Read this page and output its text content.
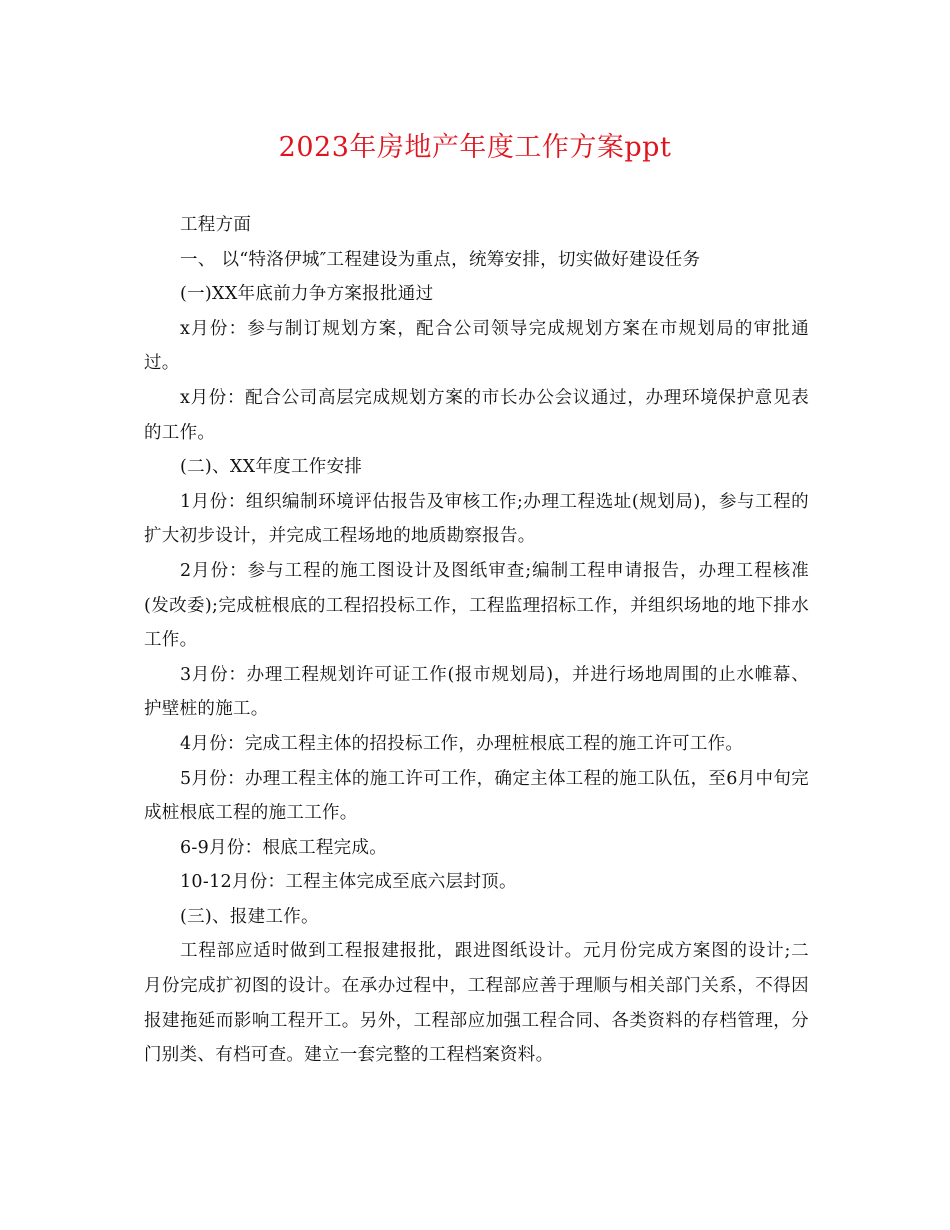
2023年房地产年度工作方案ppt

工程方面

一、 以“特洛伊城″工程建设为重点，统筹安排，切实做好建设任务

(一)XX年底前力争方案报批通过

x月份：参与制订规划方案，配合公司领导完成规划方案在市规划局的审批通过。

x月份：配合公司高层完成规划方案的市长办公会议通过，办理环境保护意见表的工作。

(二)、XX年度工作安排

1月份：组织编制环境评估报告及审核工作;办理工程选址(规划局)，参与工程的扩大初步设计，并完成工程场地的地质勘察报告。

2月份：参与工程的施工图设计及图纸审查;编制工程申请报告，办理工程核准(发改委);完成桩根底的工程招投标工作，工程监理招标工作，并组织场地的地下排水工作。

3月份：办理工程规划许可证工作(报市规划局)，并进行场地周围的止水帷幕、护壁桩的施工。

4月份：完成工程主体的招投标工作，办理桩根底工程的施工许可工作。

5月份：办理工程主体的施工许可工作，确定主体工程的施工队伍，至6月中旬完成桩根底工程的施工工作。

6-9月份：根底工程完成。

10-12月份：工程主体完成至底六层封顶。

(三)、报建工作。

工程部应适时做到工程报建报批，跟进图纸设计。元月份完成方案图的设计;二月份完成扩初图的设计。在承办过程中，工程部应善于理顺与相关部门关系，不得因报建拖延而影响工程开工。另外，工程部应加强工程合同、各类资料的存档管理，分门别类、有档可查。建立一套完整的工程档案资料。
